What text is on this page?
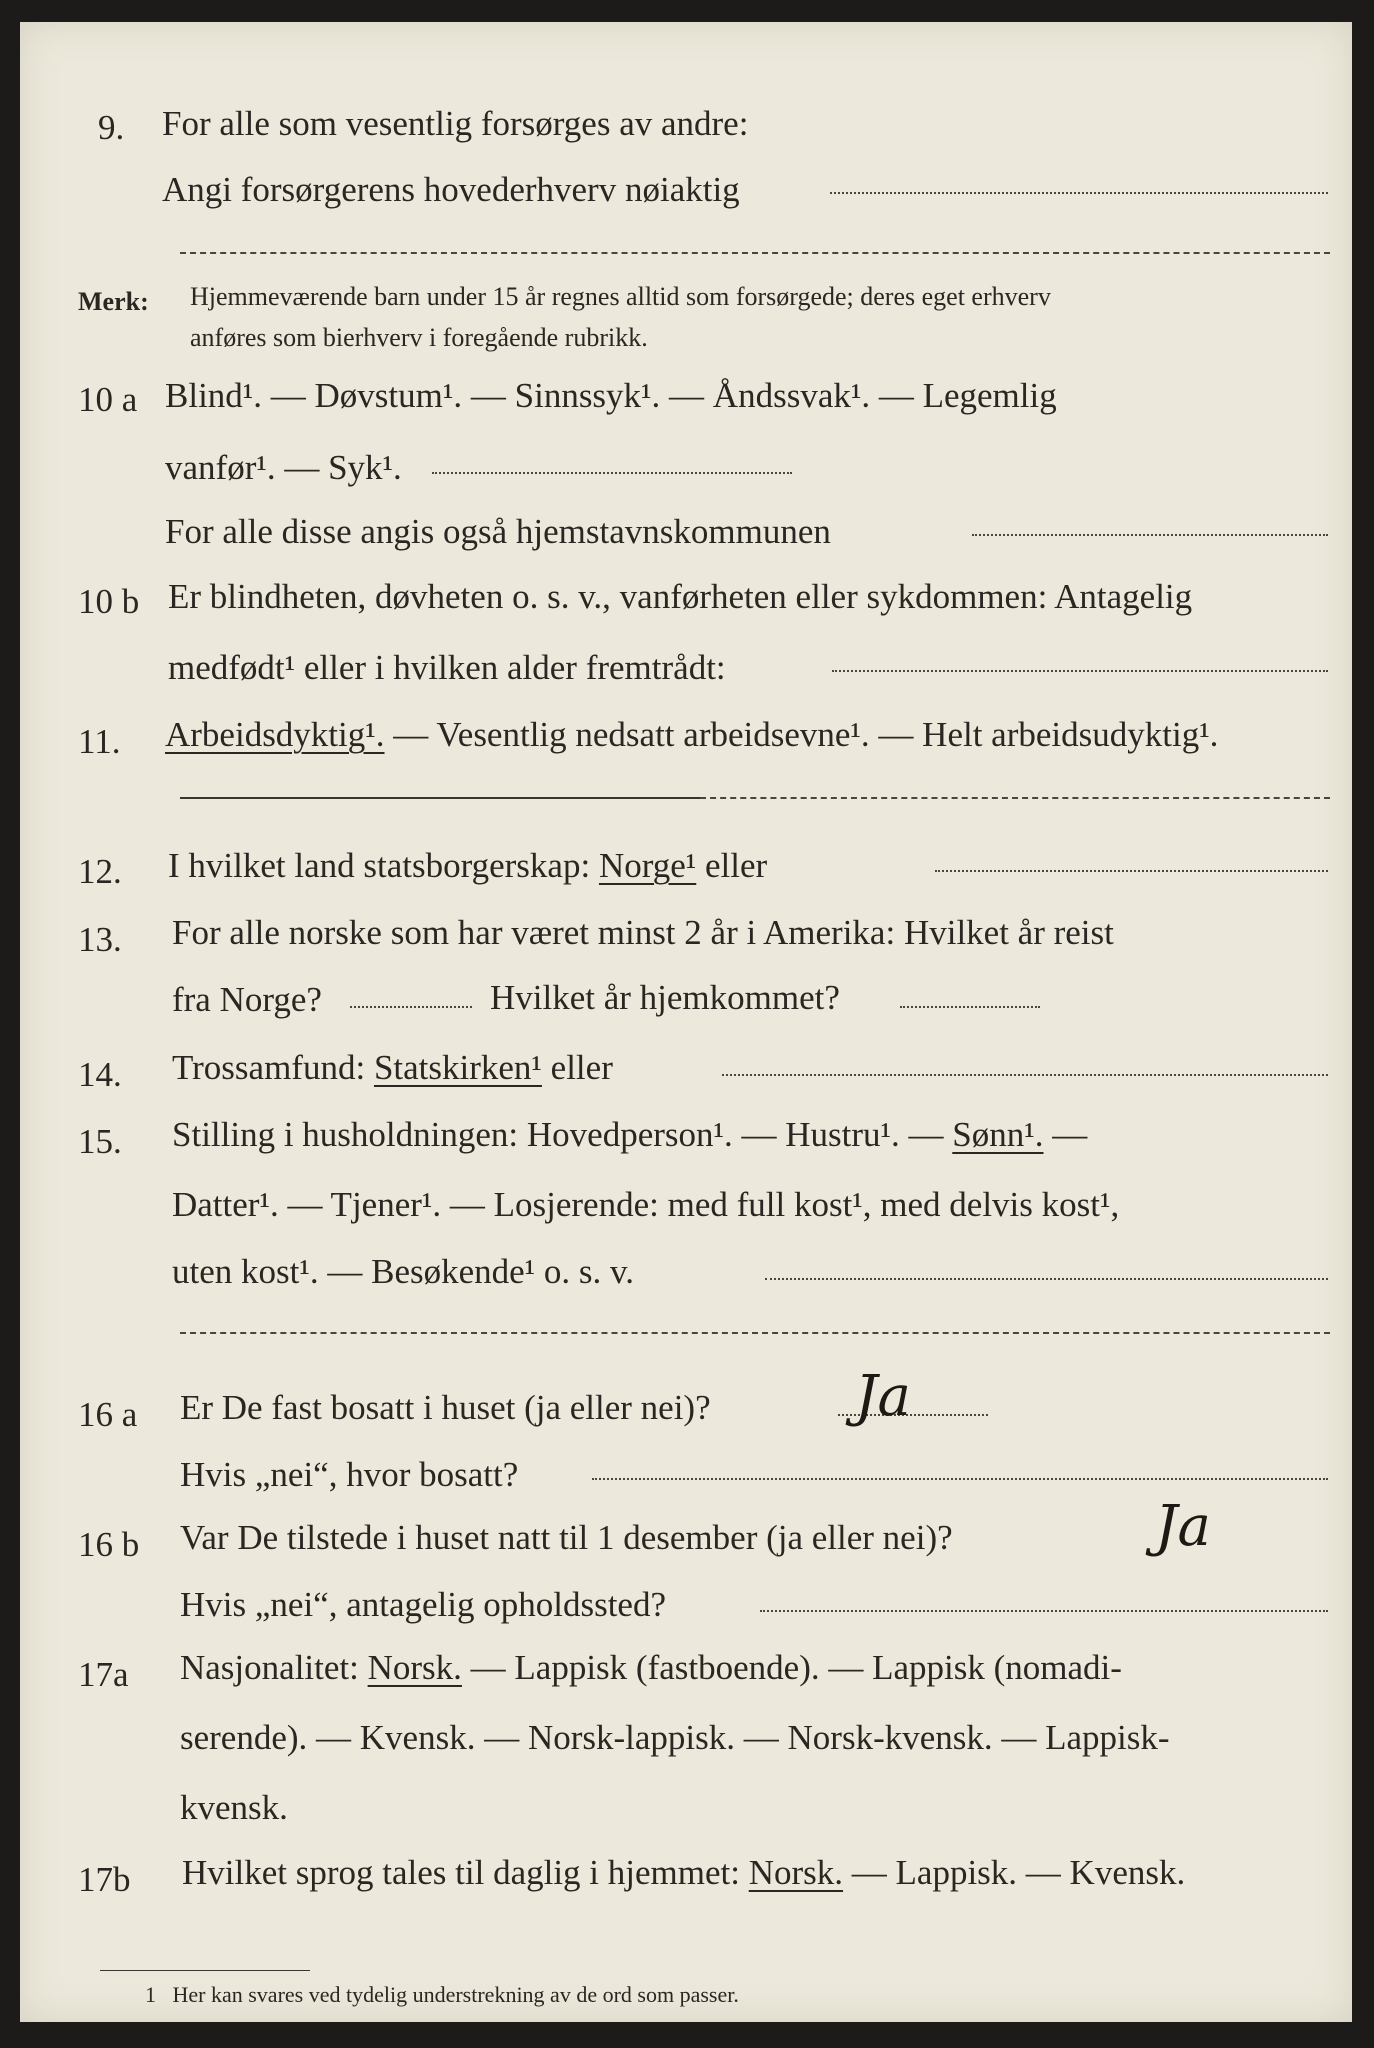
9. For alle som vesentlig forsørges av andre:
Angi forsørgerens hovederhverv nøiaktig
Merk: Hjemmeværende barn under 15 år regnes alltid som forsørgede; deres eget erhverv
anføres som bierhverv i foregående rubrikk.
10 a Blind¹. — Døvstum¹. — Sinnssyk¹. — Åndssvak¹. — Legemlig
vanfør¹. — Syk¹.
For alle disse angis også hjemstavnskommunen
10 b Er blindheten, døvheten o. s. v., vanførheten eller sykdommen: Antagelig
medfødt¹ eller i hvilken alder fremtrådt:
11. Arbeidsdyktig¹. — Vesentlig nedsatt arbeidsevne¹. — Helt arbeidsudyktig¹.
12. I hvilket land statsborgerskap: Norge¹ eller
13. For alle norske som har været minst 2 år i Amerika: Hvilket år reist
fra Norge?	Hvilket år hjemkommet?
14. Trossamfund: Statskirken¹ eller
15. Stilling i husholdningen: Hovedperson¹. — Hustru¹. — Sønn¹. —
Datter¹. — Tjener¹. — Losjerende: med full kost¹, med delvis kost¹,
uten kost¹. — Besøkende¹ o. s. v.
16 a Er De fast bosatt i huset (ja eller nei)?	Ja
Hvis „nei“, hvor bosatt?
16 b Var De tilstede i huset natt til 1 desember (ja eller nei)?	Ja
Hvis „nei“, antagelig opholdssted?
17a Nasjonalitet: Norsk. — Lappisk (fastboende). — Lappisk (nomadi-
serende). — Kvensk. — Norsk-lappisk. — Norsk-kvensk. — Lappisk-
kvensk.
17b Hvilket sprog tales til daglig i hjemmet: Norsk. — Lappisk. — Kvensk.
1 Her kan svares ved tydelig understrekning av de ord som passer.
